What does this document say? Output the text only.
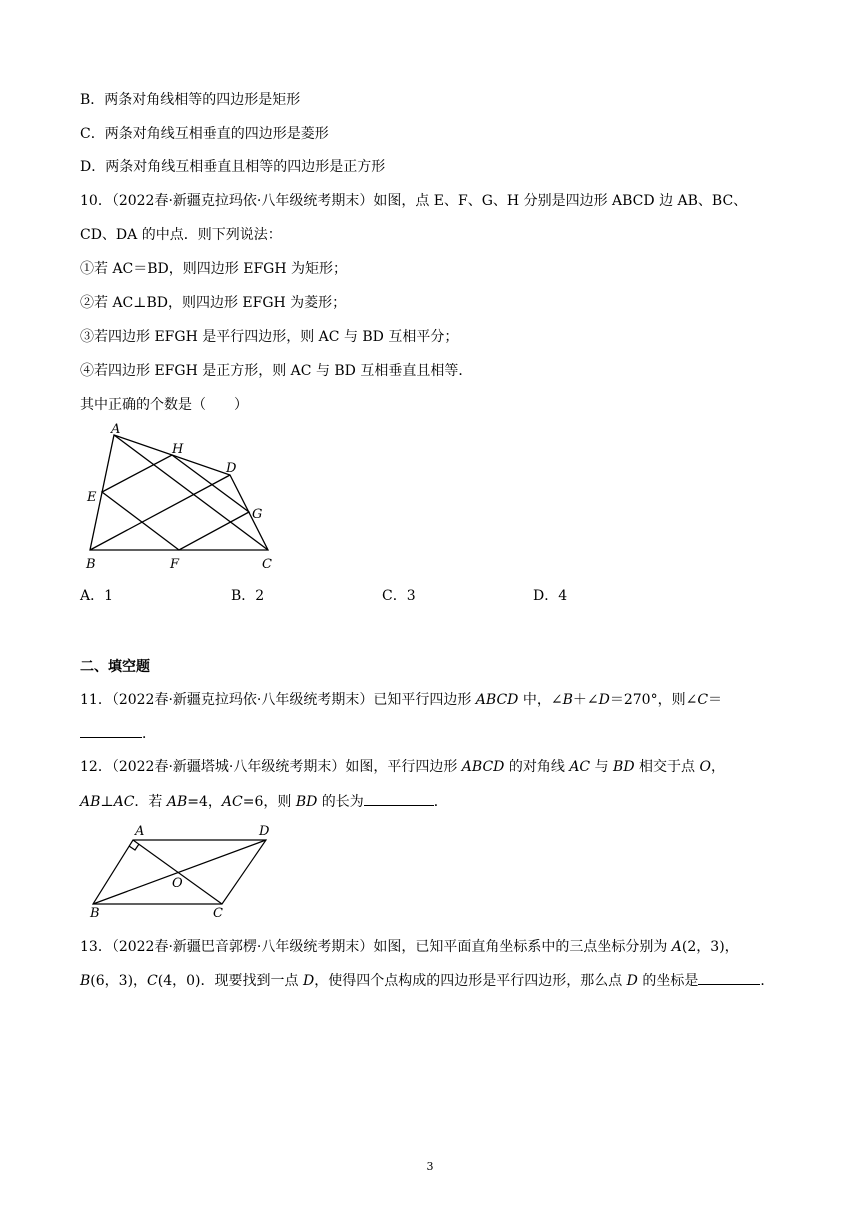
B．两条对角线相等的四边形是矩形
C．两条对角线互相垂直的四边形是菱形
D．两条对角线互相垂直且相等的四边形是正方形
10．（2022春·新疆克拉玛依·八年级统考期末）如图，点 E、F、G、H 分别是四边形 ABCD 边 AB、BC、
CD、DA 的中点．则下列说法：
①若 AC＝BD，则四边形 EFGH 为矩形；
②若 AC⊥BD，则四边形 EFGH 为菱形；
③若四边形 EFGH 是平行四边形，则 AC 与 BD 互相平分；
④若四边形 EFGH 是正方形，则 AC 与 BD 互相垂直且相等．
其中正确的个数是（　　）
A
H
D
E
G
B	F	C
A．1	B．2	C．3	D．4
二、填空题
11．（2022春·新疆克拉玛依·八年级统考期末）已知平行四边形 ABCD 中，∠B＋∠D＝270°，则∠C＝
．
12．（2022春·新疆塔城·八年级统考期末）如图，平行四边形 ABCD 的对角线 AC 与 BD 相交于点 O，
AB⊥AC．若 AB=4，AC=6，则 BD 的长为	．
A	D
O
B	C
13．（2022春·新疆巴音郭楞·八年级统考期末）如图，已知平面直角坐标系中的三点坐标分别为 A(2，3)，
B(6，3)，C(4，0)．现要找到一点 D，使得四个点构成的四边形是平行四边形，那么点 D 的坐标是	．
3
